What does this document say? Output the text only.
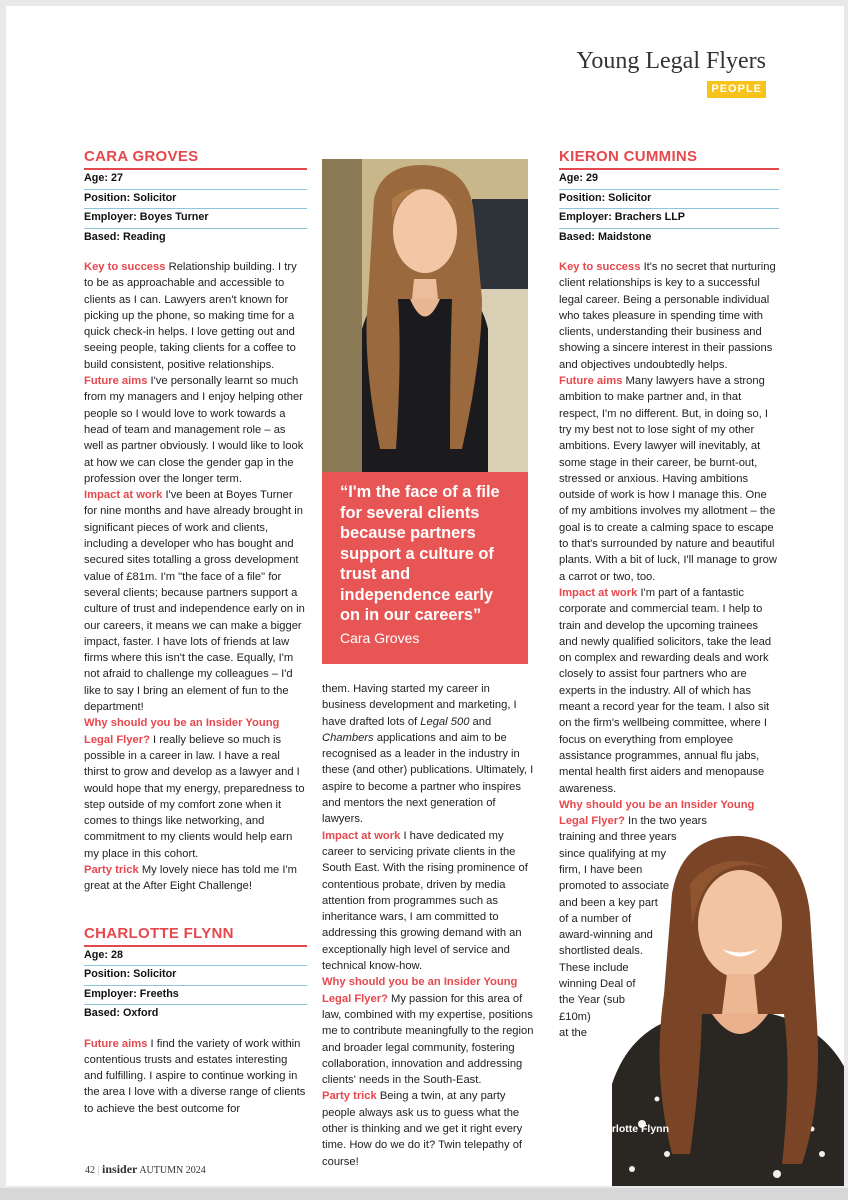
Young Legal Flyers
PEOPLE
CARA GROVES
Age: 27
Position: Solicitor
Employer: Boyes Turner
Based: Reading

Key to success Relationship building. I try to be as approachable and accessible to clients as I can. Lawyers aren't known for picking up the phone, so making time for a quick check-in helps. I love getting out and seeing people, taking clients for a coffee to build consistent, positive relationships.

Future aims I've personally learnt so much from my managers and I enjoy helping other people so I would love to work towards a head of team and management role – as well as partner obviously. I would like to look at how we can close the gender gap in the profession over the longer term.

Impact at work I've been at Boyes Turner for nine months and have already brought in significant pieces of work and clients, including a developer who has bought and secured sites totalling a gross development value of £81m. I'm "the face of a file" for several clients; because partners support a culture of trust and independence early on in our careers, it means we can make a bigger impact, faster. I have lots of friends at law firms where this isn't the case. Equally, I'm not afraid to challenge my colleagues – I'd like to say I bring an element of fun to the department!

Why should you be an Insider Young Legal Flyer? I really believe so much is possible in a career in law. I have a real thirst to grow and develop as a lawyer and I would hope that my energy, preparedness to step outside of my comfort zone when it comes to things like networking, and commitment to my clients would help earn my place in this cohort.

Party trick My lovely niece has told me I'm great at the After Eight Challenge!

CHARLOTTE FLYNN
Age: 28
Position: Solicitor
Employer: Freeths
Based: Oxford

Future aims I find the variety of work within contentious trusts and estates interesting and fulfilling. I aspire to continue working in the area I love with a diverse range of clients to achieve the best outcome for

“I'm the face of a file for several clients because partners support a culture of trust and independence early on in our careers”
Cara Groves

them. Having started my career in business development and marketing, I have drafted lots of Legal 500 and Chambers applications and aim to be recognised as a leader in the industry in these (and other) publications. Ultimately, I aspire to become a partner who inspires and mentors the next generation of lawyers.

Impact at work I have dedicated my career to servicing private clients in the South East. With the rising prominence of contentious probate, driven by media attention from programmes such as inheritance wars, I am committed to addressing this growing demand with an exceptionally high level of service and technical know-how.

Why should you be an Insider Young Legal Flyer? My passion for this area of law, combined with my expertise, positions me to contribute meaningfully to the region and broader legal community, fostering collaboration, innovation and addressing clients' needs in the South-East.

Party trick Being a twin, at any party people always ask us to guess what the other is thinking and we get it right every time. How do we do it? Twin telepathy of course!

KIERON CUMMINS
Age: 29
Position: Solicitor
Employer: Brachers LLP
Based: Maidstone

Key to success It's no secret that nurturing client relationships is key to a successful legal career. Being a personable individual who takes pleasure in spending time with clients, understanding their business and showing a sincere interest in their passions and objectives undoubtedly helps.

Future aims Many lawyers have a strong ambition to make partner and, in that respect, I'm no different. But, in doing so, I try my best not to lose sight of my other ambitions. Every lawyer will inevitably, at some stage in their career, be burnt-out, stressed or anxious. Having ambitions outside of work is how I manage this. One of my ambitions involves my allotment – the goal is to create a calming space to escape to that's surrounded by nature and beautiful plants. With a bit of luck, I'll manage to grow a carrot or two, too.

Impact at work I'm part of a fantastic corporate and commercial team. I help to train and develop the upcoming trainees and newly qualified solicitors, take the lead on complex and rewarding deals and work closely to assist four partners who are experts in the industry. All of which has meant a record year for the team. I also sit on the firm's wellbeing committee, where I focus on everything from employee assistance programmes, annual flu jabs, mental health first aiders and menopause awareness.

Why should you be an Insider Young Legal Flyer? In the two years

training and three years
since qualifying at my
firm, I have been
promoted to associate
and been a key part
of a number of
award-winning and
shortlisted deals.
These include
winning Deal of
the Year (sub
£10m)
at the
Charlotte Flynn
42 | insider AUTUMN 2024
